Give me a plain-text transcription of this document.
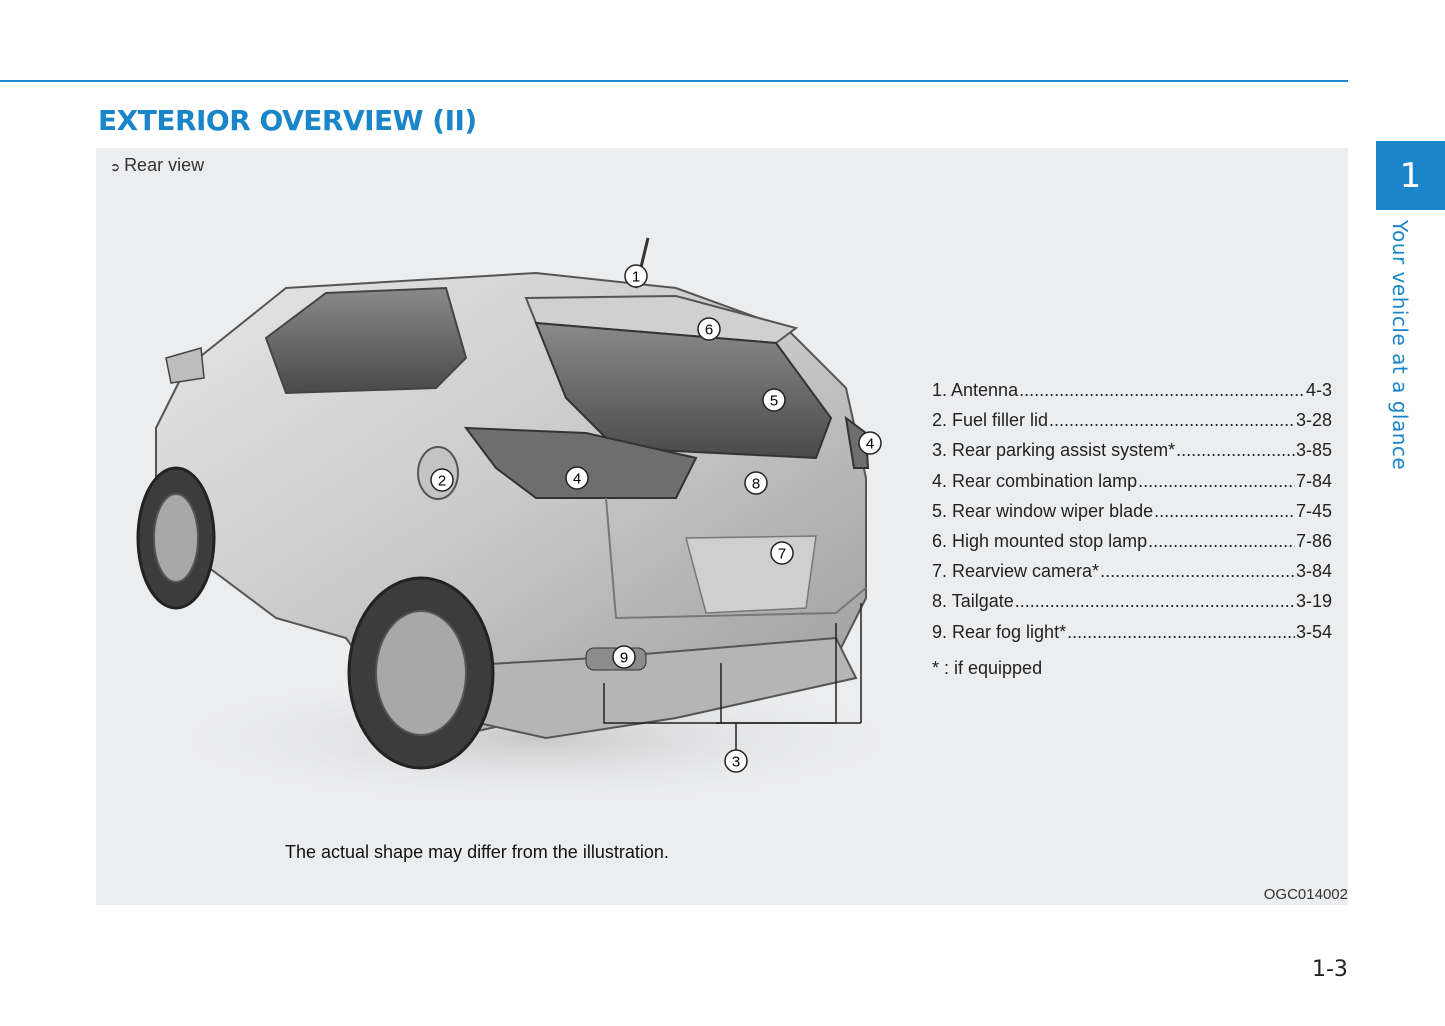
EXTERIOR OVERVIEW (II)
➲ Rear view
1
2
3
4
4
5
6
7
8
9
1. Antenna .....	4-3
2. Fuel filler lid .....	3-28
3. Rear parking assist system* .....	3-85
4. Rear combination lamp .....	7-84
5. Rear window wiper blade .....	7-45
6. High mounted stop lamp .....	7-86
7. Rearview camera* .....	3-84
8. Tailgate .....	3-19
9. Rear fog light* .....	3-54
* : if equipped
The actual shape may differ from the illustration.
OGC014002
1
Your vehicle at a glance
1-3
